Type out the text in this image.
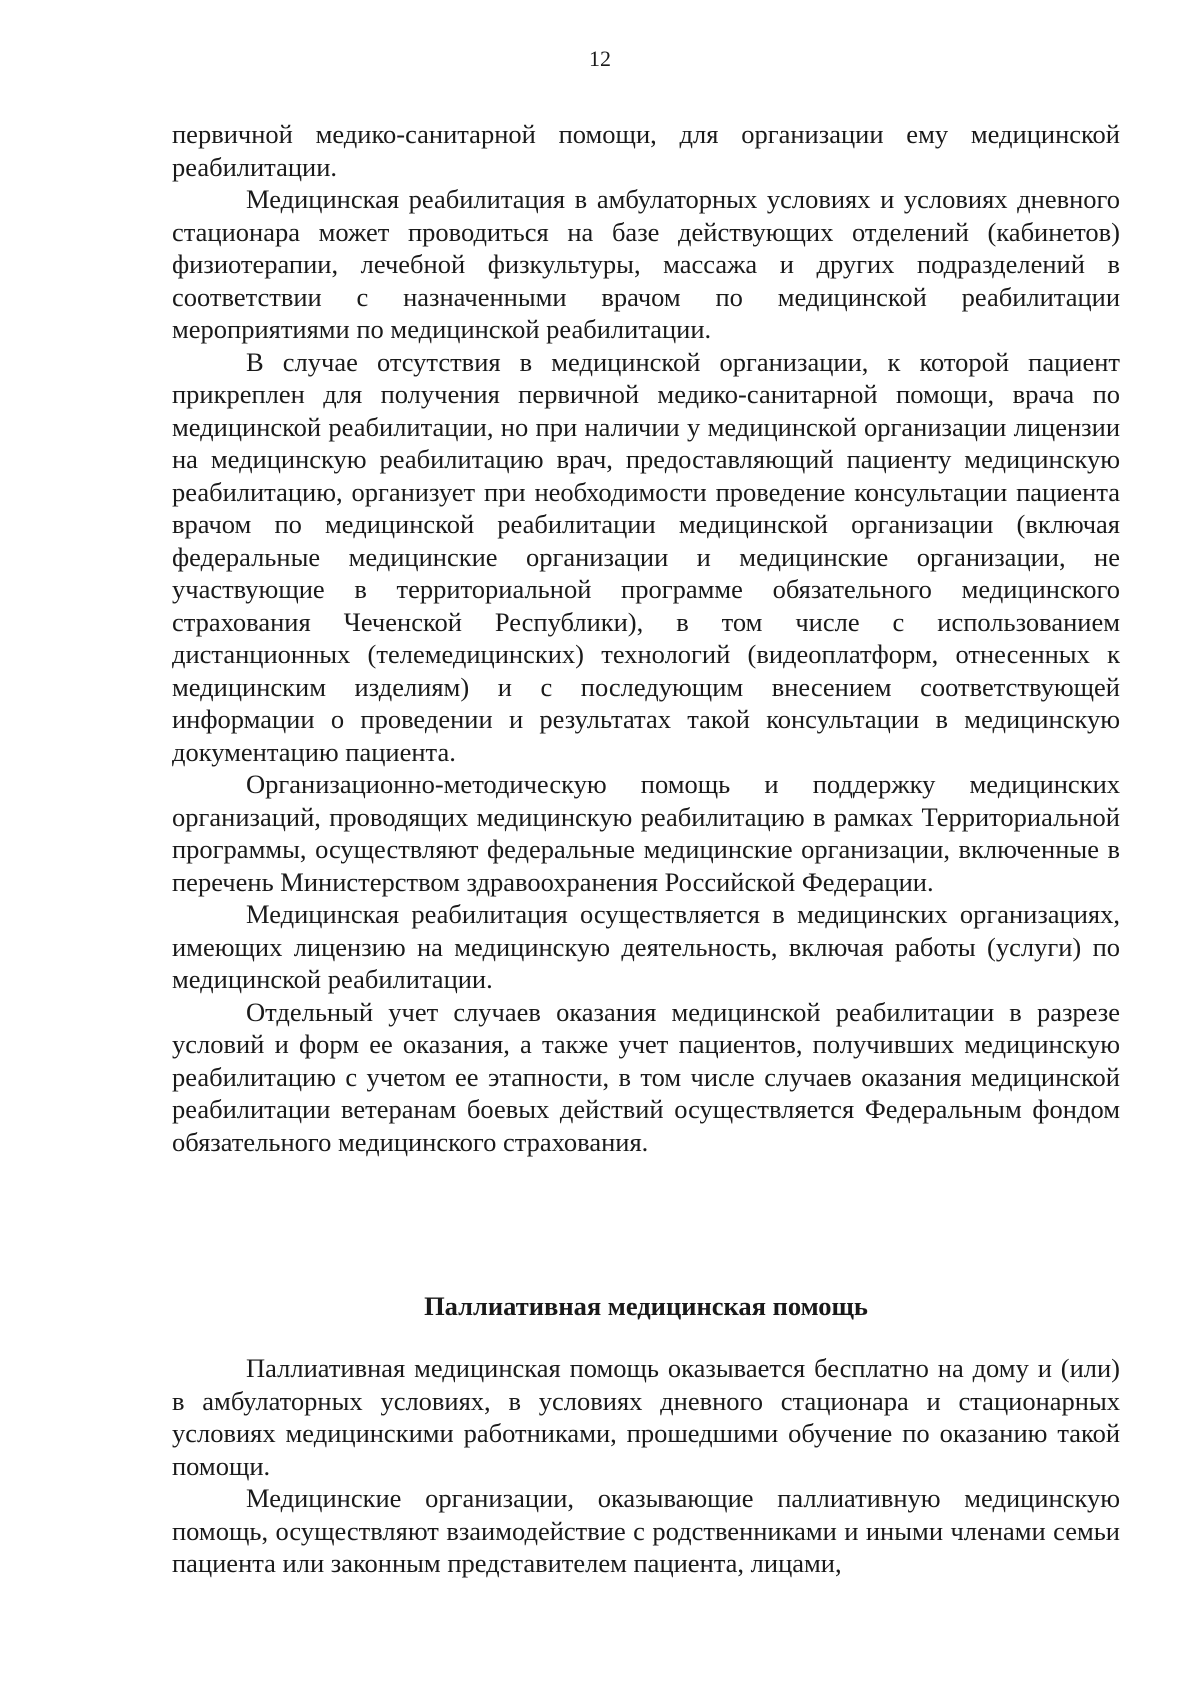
12

первичной медико-санитарной помощи, для организации ему медицинской реабилитации.

Медицинская реабилитация в амбулаторных условиях и условиях дневного стационара может проводиться на базе действующих отделений (кабинетов) физиотерапии, лечебной физкультуры, массажа и других подразделений в соответствии с назначенными врачом по медицинской реабилитации мероприятиями по медицинской реабилитации.

В случае отсутствия в медицинской организации, к которой пациент прикреплен для получения первичной медико-санитарной помощи, врача по медицинской реабилитации, но при наличии у медицинской организации лицензии на медицинскую реабилитацию врач, предоставляющий пациенту медицинскую реабилитацию, организует при необходимости проведение консультации пациента врачом по медицинской реабилитации медицинской организации (включая федеральные медицинские организации и медицинские организации, не участвующие в территориальной программе обязательного медицинского страхования Чеченской Республики), в том числе с использованием дистанционных (телемедицинских) технологий (видеоплатформ, отнесенных к медицинским изделиям) и с последующим внесением соответствующей информации о проведении и результатах такой консультации в медицинскую документацию пациента.

Организационно-методическую помощь и поддержку медицинских организаций, проводящих медицинскую реабилитацию в рамках Территориальной программы, осуществляют федеральные медицинские организации, включенные в перечень Министерством здравоохранения Российской Федерации.

Медицинская реабилитация осуществляется в медицинских организациях, имеющих лицензию на медицинскую деятельность, включая работы (услуги) по медицинской реабилитации.

Отдельный учет случаев оказания медицинской реабилитации в разрезе условий и форм ее оказания, а также учет пациентов, получивших медицинскую реабилитацию с учетом ее этапности, в том числе случаев оказания медицинской реабилитации ветеранам боевых действий осуществляется Федеральным фондом обязательного медицинского страхования.

Паллиативная медицинская помощь

Паллиативная медицинская помощь оказывается бесплатно на дому и (или) в амбулаторных условиях, в условиях дневного стационара и стационарных условиях медицинскими работниками, прошедшими обучение по оказанию такой помощи.

Медицинские организации, оказывающие паллиативную медицинскую помощь, осуществляют взаимодействие с родственниками и иными членами семьи пациента или законным представителем пациента, лицами,
